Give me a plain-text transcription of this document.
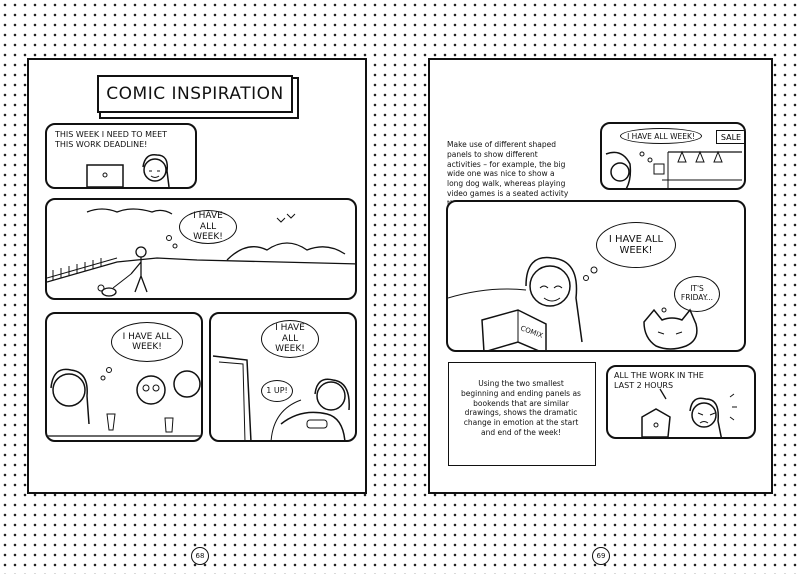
COMIC INSPIRATION
THIS WEEK I NEED TO MEET THIS WORK DEADLINE!
I HAVE ALL WEEK!
I HAVE ALL WEEK!
I HAVE ALL WEEK!
1 UP!
68
Make use of different shaped panels to show different activities – for example, the big wide one was nice to show a long dog walk, whereas playing video games is a seated activity
I HAVE ALL WEEK!	SALE
I HAVE ALL WEEK!
IT'S FRIDAY...
COMIX
Using the two smallest beginning and ending panels as bookends that are similar drawings, shows the dramatic change in emotion at the start and end of the week!
ALL THE WORK IN THE LAST 2 HOURS
69
